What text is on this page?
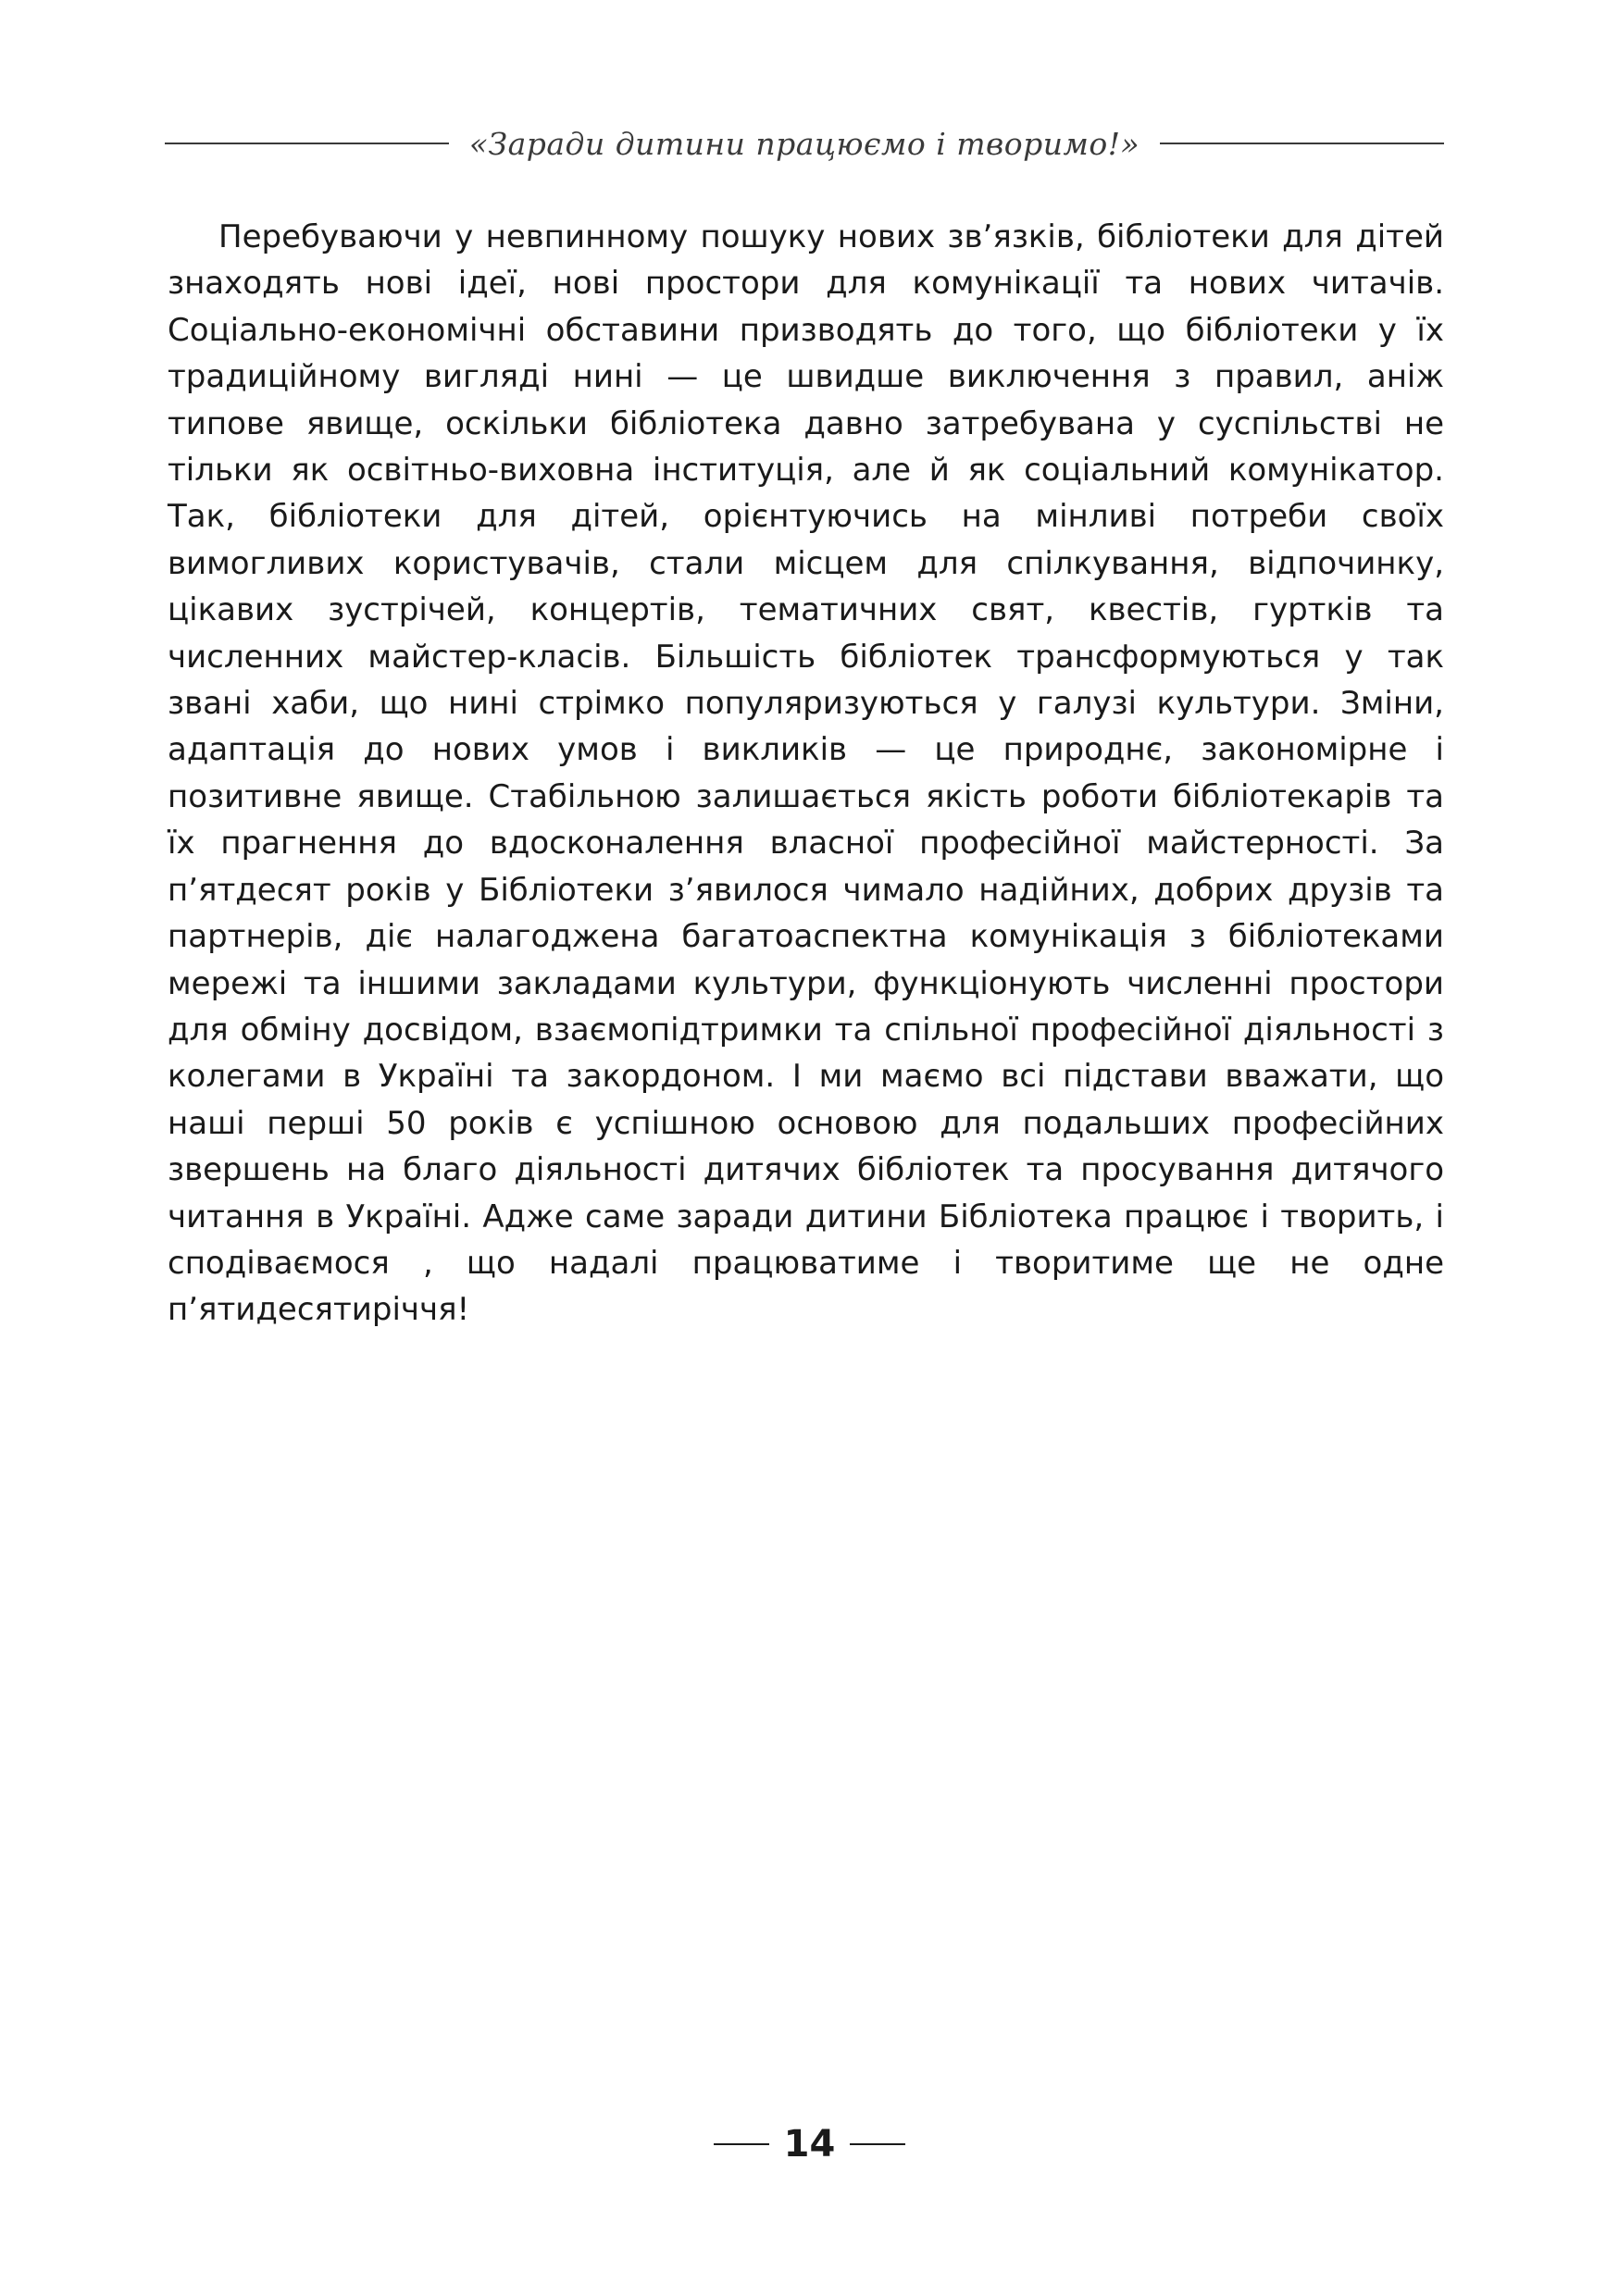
«Заради дитини працюємо і творимо!»

Перебуваючи у невпинному пошуку нових зв’язків, бібліотеки для дітей знаходять нові ідеї, нові простори для комунікації та нових читачів. Соціально-економічні обставини призводять до того, що бібліотеки у їх традиційному вигляді нині — це швидше виключення з правил, аніж типове явище, оскільки бібліотека давно затребувана у суспільстві не тільки як освітньо-виховна інституція, але й як соціальний комунікатор. Так, бібліотеки для дітей, орієнтуючись на мінливі потреби своїх вимогливих користувачів, стали місцем для спілкування, відпочинку, цікавих зустрічей, концертів, тематичних свят, квестів, гуртків та численних майстер-класів. Більшість бібліотек трансформуються у так звані хаби, що нині стрімко популяризуються у галузі культури. Зміни, адаптація до нових умов і викликів — це природнє, закономірне і позитивне явище. Стабільною залишається якість роботи бібліотекарів та їх прагнення до вдосконалення власної професійної майстерності. За п’ятдесят років у Бібліотеки з’явилося чимало надійних, добрих друзів та партнерів, діє налагоджена багатоаспектна комунікація з бібліотеками мережі та іншими закладами культури, функціонують численні простори для обміну досвідом, взаємопідтримки та спільної професійної діяльності з колегами в Україні та закордоном. І ми маємо всі підстави вважати, що наші перші 50 років є успішною основою для подальших професійних звершень на благо діяльності дитячих бібліотек та просування дитячого читання в Україні. Адже саме заради дитини Бібліотека працює і творить, і сподіваємося , що надалі працюватиме і творитиме ще не одне п’ятидесятиріччя!

14
